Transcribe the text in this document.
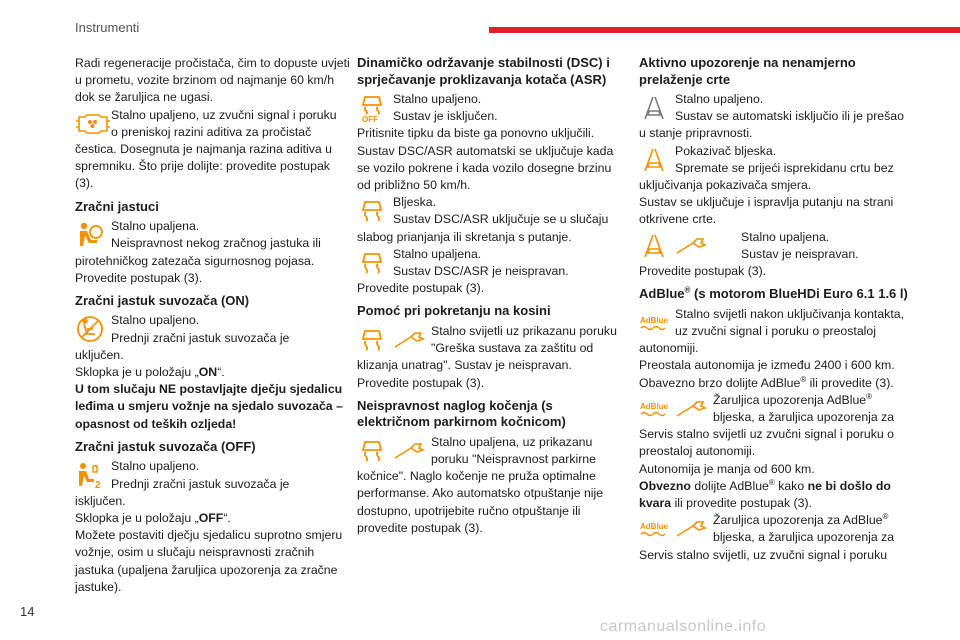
Instrumenti

Radi regeneracije pročistača, čim to dopuste uvjeti u prometu, vozite brzinom od najmanje 60 km/h dok se žaruljica ne ugasi.

Stalno upaljeno, uz zvučni signal i poruku
o preniskoj razini aditiva za pročistač

čestica. Dosegnuta je najmanja razina aditiva u spremniku. Što prije dolijte: provedite postupak (3).

Zračni jastuci
Stalno upaljena.
Neispravnost nekog zračnog jastuka ili

pirotehničkog zatezača sigurnosnog pojasa. Provedite postupak (3).

Zračni jastuk suvozača (ON)
Stalno upaljeno.
Prednji zračni jastuk suvozača je

uključen.

Sklopka je u položaju „ON“.

U tom slučaju NE postavljajte dječju sjedalicu leđima u smjeru vožnje na sjedalo suvozača – opasnost od teških ozljeda!

Zračni jastuk suvozača (OFF)
2
Stalno upaljeno.
Prednji zračni jastuk suvozača je

isključen.

Sklopka je u položaju „OFF“.

Možete postaviti dječju sjedalicu suprotno smjeru vožnje, osim u slučaju neispravnosti zračnih jastuka (upaljena žaruljica upozorenja za zračne jastuke).

Dinamičko održavanje stabilnosti (DSC) i sprječavanje proklizavanja kotača (ASR)
OFF
Stalno upaljeno.
Sustav je isključen.

Pritisnite tipku da biste ga ponovno uključili. Sustav DSC/ASR automatski se uključuje kada se vozilo pokrene i kada vozilo dosegne brzinu od približno 50 km/h.

Bljeska.
Sustav DSC/ASR uključuje se u slučaju

slabog prianjanja ili skretanja s putanje.

Stalno upaljena.
Sustav DSC/ASR je neispravan.

Provedite postupak (3).

Pomoć pri pokretanju na kosini
Stalno svijetli uz prikazanu poruku
"Greška sustava za zaštitu od

klizanja unatrag". Sustav je neispravan. Provedite postupak (3).

Neispravnost naglog kočenja (s električnom parkirnom kočnicom)
Stalno upaljena, uz prikazanu
poruku "Neispravnost parkirne

kočnice". Naglo kočenje ne pruža optimalne performanse. Ako automatsko otpuštanje nije dostupno, upotrijebite ručno otpuštanje ili provedite postupak (3).

Aktivno upozorenje na nenamjerno prelaženje crte
Stalno upaljeno.
Sustav se automatski isključio ili je prešao

u stanje pripravnosti.

Pokazivač bljeska.
Spremate se prijeći isprekidanu crtu bez

uključivanja pokazivača smjera.

Sustav se uključuje i ispravlja putanju na strani otkrivene crte.

Stalno upaljena.
Sustav je neispravan.

Provedite postupak (3).

AdBlue® (s motorom BlueHDi Euro 6.1 1.6 l)
AdBlue Stalno svijetli nakon uključivanja kontakta,
uz zvučni signal i poruku o preostaloj

autonomiji.

Preostala autonomija je između 2400 i 600 km.

Obavezno brzo dolijte AdBlue® ili provedite (3).

AdBlue	Žaruljica upozorenja AdBlue®
bljeska, a žaruljica upozorenja za

Servis stalno svijetli uz zvučni signal i poruku o preostaloj autonomiji.

Autonomija je manja od 600 km.

Obvezno dolijte AdBlue® kako ne bi došlo do kvara ili provedite postupak (3).

AdBlue	Žaruljica upozorenja za AdBlue®
bljeska, a žaruljica upozorenja za

Servis stalno svijetli, uz zvučni signal i poruku

14
carmanualsonline.info
